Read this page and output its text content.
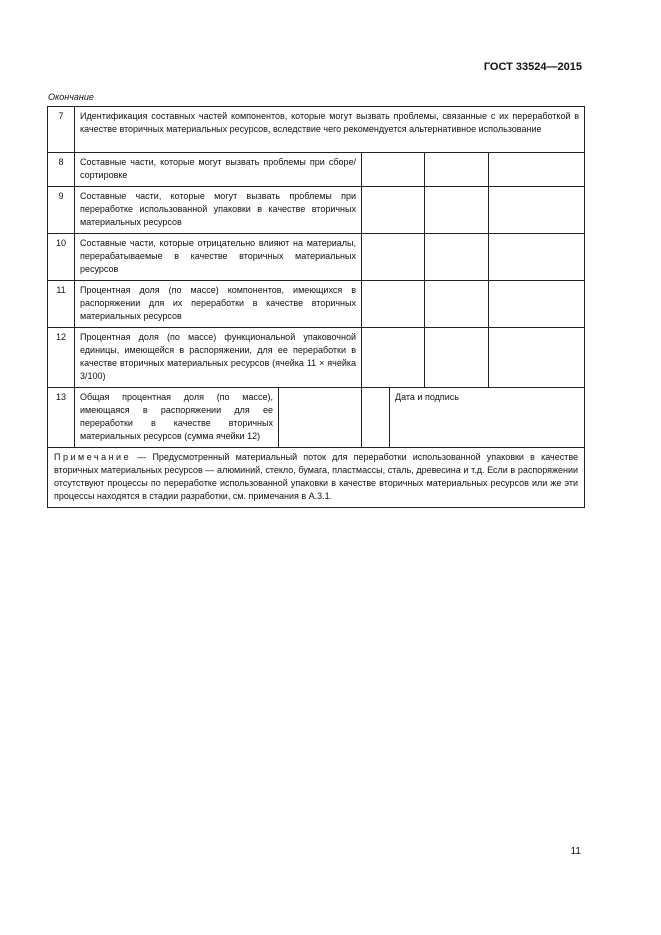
ГОСТ 33524—2015
Окончание
7	Идентификация составных частей компонентов, которые могут вызвать проблемы, связанные с их переработкой в качестве вторичных материальных ресурсов, вследствие чего рекомендуется альтернативное использование					
8	Составные части, которые могут вызвать проблемы при сборе/сортировке					
9	Составные части, которые могут вызвать проблемы при переработке использованной упаковки в качестве вторичных материальных ресурсов					
10	Составные части, которые отрицательно влияют на материалы, перерабатываемые в качестве вторичных материальных ресурсов					
11	Процентная доля (по массе) компонентов, имеющихся в распоряжении для их переработки в качестве вторичных материальных ресурсов					
12	Процентная доля (по массе) функциональной упаковочной единицы, имеющейся в распоряжении, для ее переработки в качестве вторичных материальных ресурсов (ячейка 11 × ячейка 3/100)					
13	Общая процентная доля (по массе), имеющаяся в распоряжении для ее переработки в качестве вторичных материальных ресурсов (сумма ячейки 12)			Дата и подпись		
Примечание — Предусмотренный материальный поток для переработки использованной упаковки в качестве вторичных материальных ресурсов — алюминий, стекло, бумага, пластмассы, сталь, древесина и т.д. Если в распоряжении отсутствуют процессы по переработке использованной упаковки в качестве вторичных материальных ресурсов или же эти процессы находятся в стадии разработки, см. примечания в А.3.1.						
11
